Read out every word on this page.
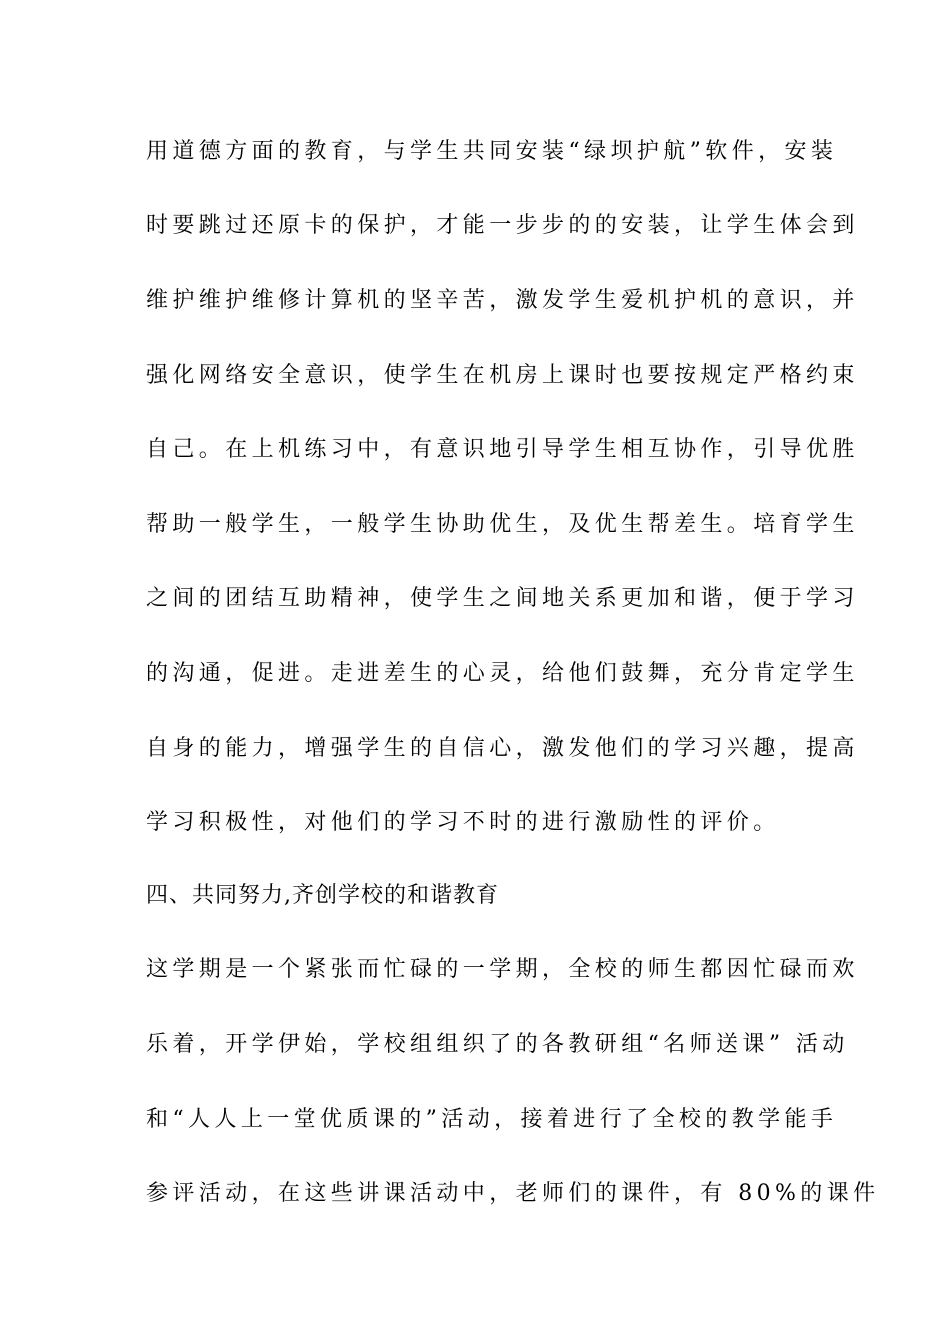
用道德方面的教育，与学生共同安装“绿坝护航”软件，安装
时要跳过还原卡的保护，才能一步步的的安装，让学生体会到
维护维护维修计算机的坚辛苦，激发学生爱机护机的意识，并
强化网络安全意识，使学生在机房上课时也要按规定严格约束
自己。在上机练习中，有意识地引导学生相互协作，引导优胜
帮助一般学生，一般学生协助优生，及优生帮差生。培育学生
之间的团结互助精神，使学生之间地关系更加和谐，便于学习
的沟通，促进。走进差生的心灵，给他们鼓舞，充分肯定学生
自身的能力，增强学生的自信心，激发他们的学习兴趣，提高
学习积极性，对他们的学习不时的进行激励性的评价。
四、共同努力,齐创学校的和谐教育
这学期是一个紧张而忙碌的一学期，全校的师生都因忙碌而欢
乐着，开学伊始，学校组组织了的各教研组“名师送课” 活动
和“人人上一堂优质课的”活动，接着进行了全校的教学能手
参评活动，在这些讲课活动中，老师们的课件，有 80%的课件
